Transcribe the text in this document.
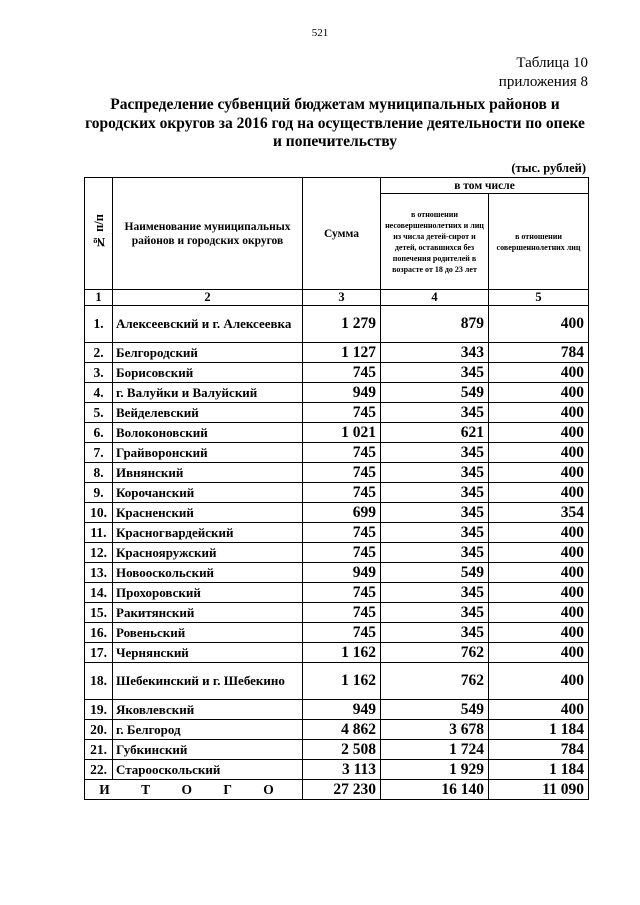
521
Таблица 10
приложения 8
Распределение субвенций бюджетам муниципальных районов и городских округов за 2016 год на осуществление деятельности по опеке и попечительству
(тыс. рублей)
№ п/п	Наименование муниципальных районов и городских округов	Сумма	в том числе	
			в отношении несовершеннолетних и лиц из числа детей-сирот и детей, оставшихся без попечения родителей в возрасте от 18 до 23 лет	в отношении совершеннолетних лиц
1	2	3	4	5
1.	Алексеевский и г. Алексеевка	1 279	879	400
2.	Белгородский	1 127	343	784
3.	Борисовский	745	345	400
4.	г. Валуйки и Валуйский	949	549	400
5.	Вейделевский	745	345	400
6.	Волоконовский	1 021	621	400
7.	Грайворонский	745	345	400
8.	Ивнянский	745	345	400
9.	Корочанский	745	345	400
10.	Красненский	699	345	354
11.	Красногвардейский	745	345	400
12.	Краснояружский	745	345	400
13.	Новооскольский	949	549	400
14.	Прохоровский	745	345	400
15.	Ракитянский	745	345	400
16.	Ровеньский	745	345	400
17.	Чернянский	1 162	762	400
18.	Шебекинский и г. Шебекино	1 162	762	400
19.	Яковлевский	949	549	400
20.	г. Белгород	4 862	3 678	1 184
21.	Губкинский	2 508	1 724	784
22.	Старооскольский	3 113	1 929	1 184
И Т О Г О		27 230	16 140	11 090
